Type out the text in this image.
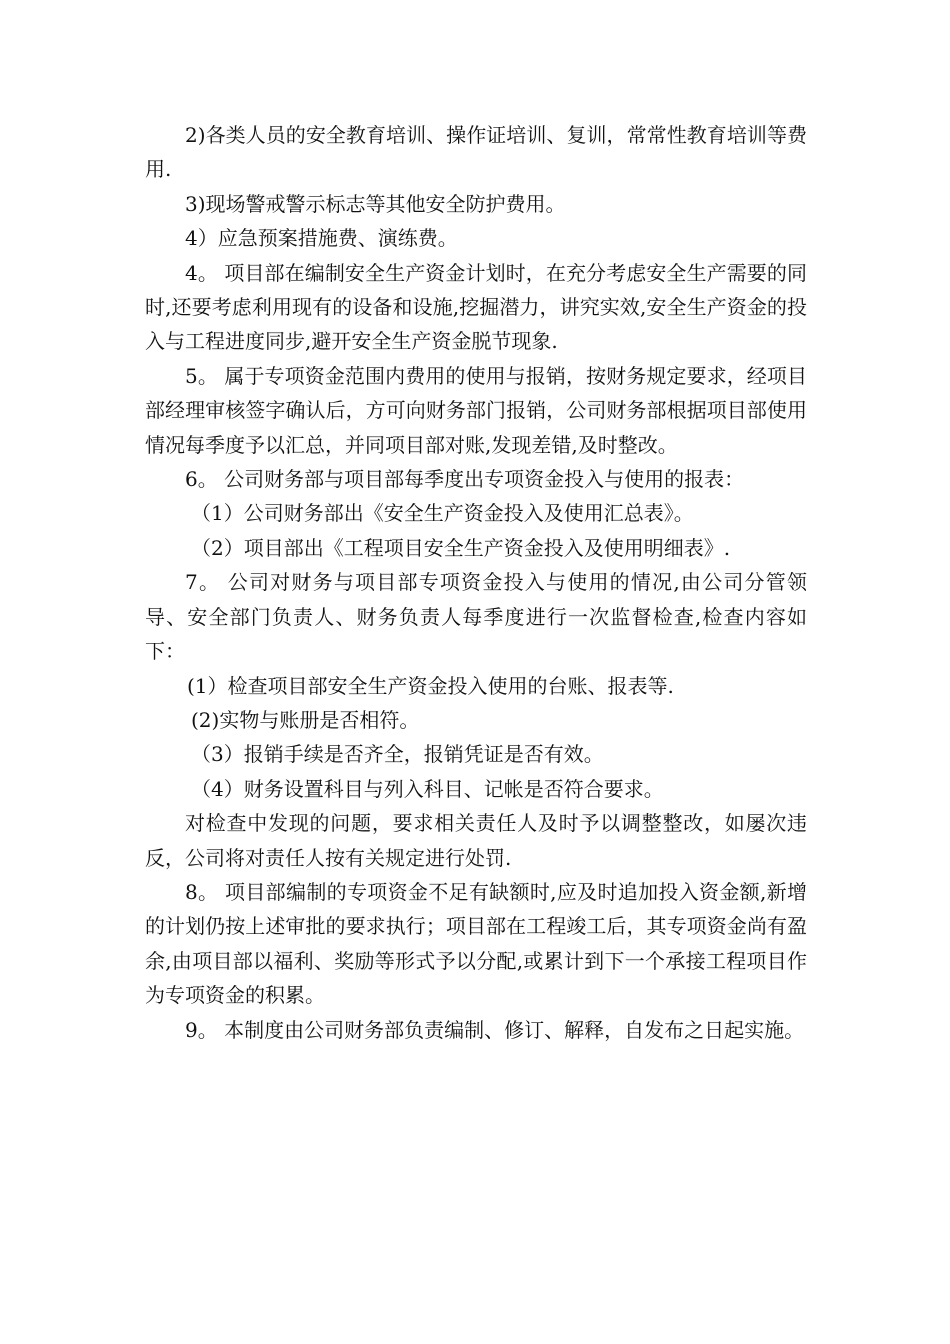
2)各类人员的安全教育培训、操作证培训、复训，常常性教育培训等费用.

3)现场警戒警示标志等其他安全防护费用。

4）应急预案措施费、演练费。

4。 项目部在编制安全生产资金计划时，在充分考虑安全生产需要的同时,还要考虑利用现有的设备和设施,挖掘潜力，讲究实效,安全生产资金的投入与工程进度同步,避开安全生产资金脱节现象.

5。 属于专项资金范围内费用的使用与报销，按财务规定要求，经项目部经理审核签字确认后，方可向财务部门报销，公司财务部根据项目部使用情况每季度予以汇总，并同项目部对账,发现差错,及时整改。

6。 公司财务部与项目部每季度出专项资金投入与使用的报表：

（1）公司财务部出《安全生产资金投入及使用汇总表》。

（2）项目部出《工程项目安全生产资金投入及使用明细表》.

7。 公司对财务与项目部专项资金投入与使用的情况,由公司分管领导、安全部门负责人、财务负责人每季度进行一次监督检查,检查内容如下：

(1）检查项目部安全生产资金投入使用的台账、报表等.

(2)实物与账册是否相符。

（3）报销手续是否齐全，报销凭证是否有效。

（4）财务设置科目与列入科目、记帐是否符合要求。

对检查中发现的问题，要求相关责任人及时予以调整整改，如屡次违反，公司将对责任人按有关规定进行处罚.

8。 项目部编制的专项资金不足有缺额时,应及时追加投入资金额,新增的计划仍按上述审批的要求执行；项目部在工程竣工后，其专项资金尚有盈余,由项目部以福利、奖励等形式予以分配,或累计到下一个承接工程项目作为专项资金的积累。

9。 本制度由公司财务部负责编制、修订、解释，自发布之日起实施。
